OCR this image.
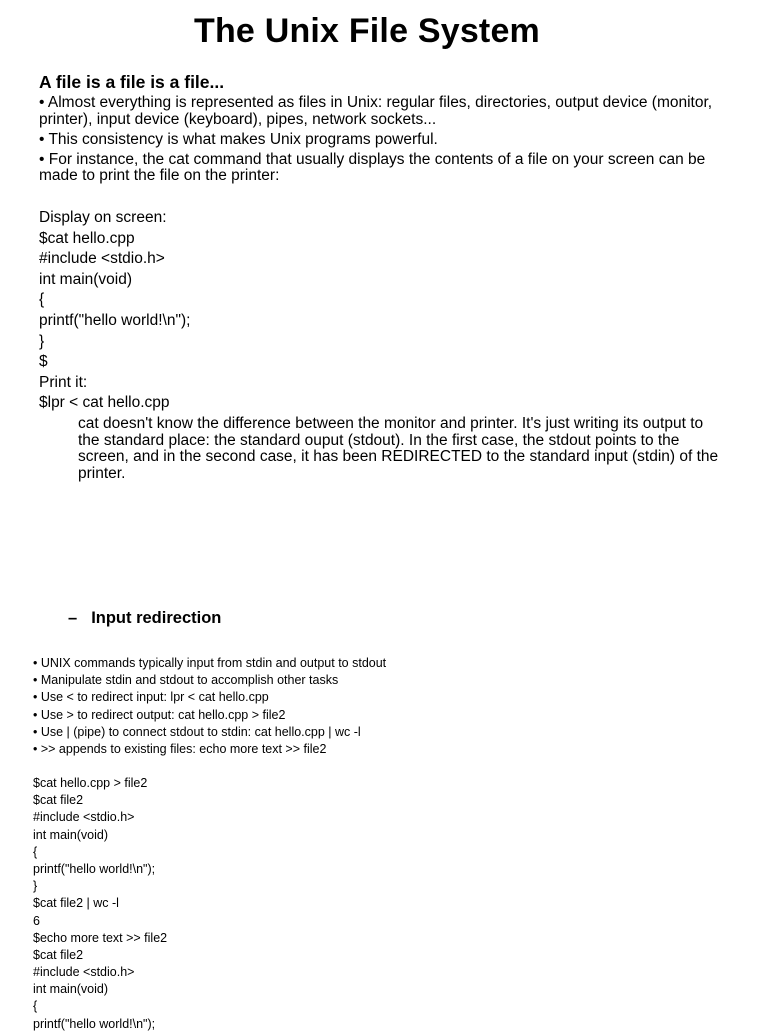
The Unix File System
A file is a file is a file...

• Almost everything is represented as files in Unix: regular files, directories, output device (monitor, printer), input device (keyboard), pipes, network sockets...

• This consistency is what makes Unix programs powerful.

• For instance, the cat command that usually displays the contents of a file on your screen can be made to print the file on the printer:

Display on screen:
$cat hello.cpp
#include <stdio.h>
int main(void)
{
printf("hello world!\n");
}
$
Print it:
$lpr < cat hello.cpp

cat doesn't know the difference between the monitor and printer. It's just writing its output to the standard place: the standard ouput (stdout). In the first case, the stdout points to the screen, and in the second case, it has been REDIRECTED to the standard input (stdin) of the printer.

– Input redirection
• UNIX commands typically input from stdin and output to stdout
• Manipulate stdin and stdout to accomplish other tasks
• Use < to redirect input: lpr < cat hello.cpp
• Use > to redirect output: cat hello.cpp > file2
• Use | (pipe) to connect stdout to stdin: cat hello.cpp | wc -l
• >> appends to existing files: echo more text >> file2
$cat hello.cpp > file2
$cat file2
#include <stdio.h>
int main(void)
{
printf("hello world!\n");
}
$cat file2 | wc -l
6
$echo more text >> file2
$cat file2
#include <stdio.h>
int main(void)
{
printf("hello world!\n");
